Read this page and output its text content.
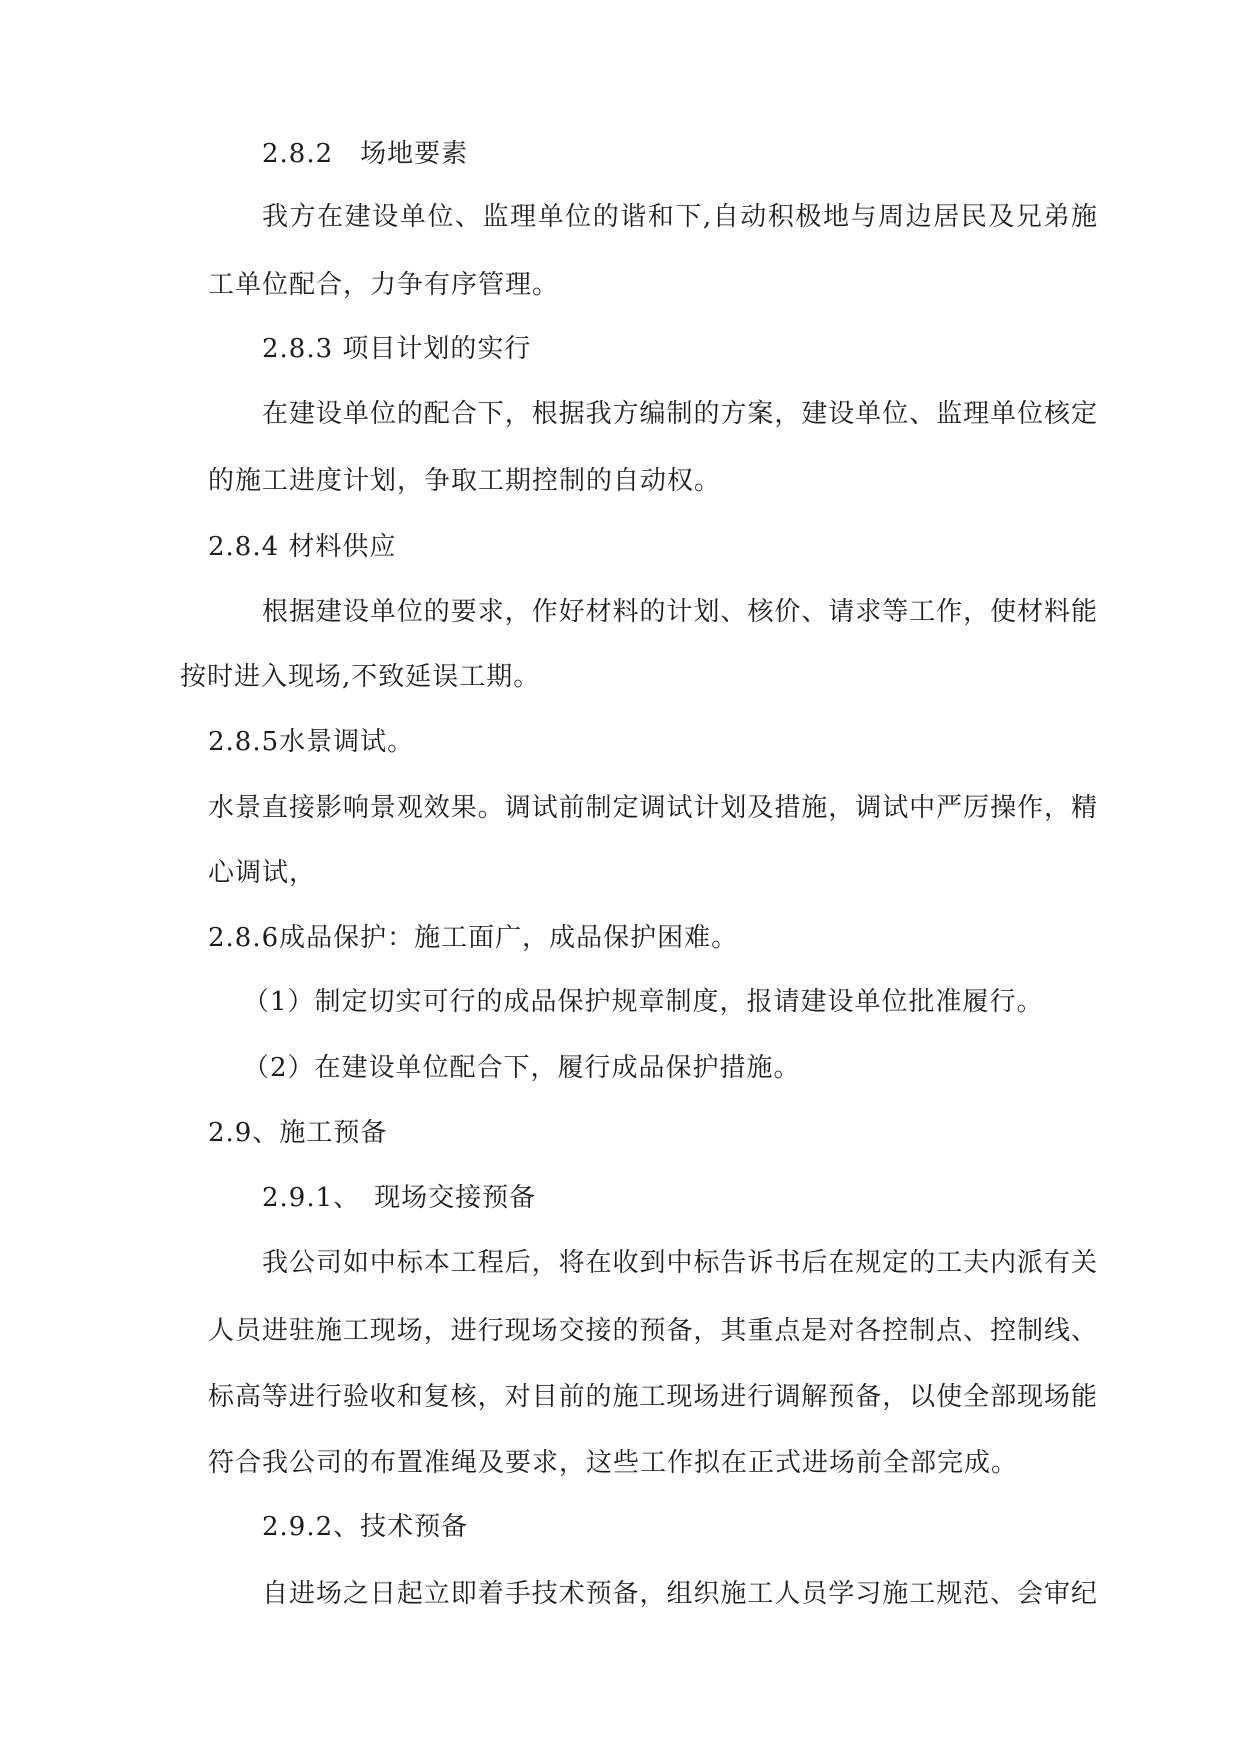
2.8.2　场地要素
我方在建设单位、监理单位的谐和下,自动积极地与周边居民及兄弟施
工单位配合，力争有序管理。
2.8.3 项目计划的实行
在建设单位的配合下，根据我方编制的方案，建设单位、监理单位核定
的施工进度计划，争取工期控制的自动权。
2.8.4 材料供应
根据建设单位的要求，作好材料的计划、核价、请求等工作，使材料能
按时进入现场,不致延误工期。
2.8.5水景调试。
水景直接影响景观效果。调试前制定调试计划及措施，调试中严厉操作，精
心调试，
2.8.6成品保护：施工面广，成品保护困难。
（1）制定切实可行的成品保护规章制度，报请建设单位批准履行。
（2）在建设单位配合下，履行成品保护措施。
2.9、施工预备
2.9.1、　现场交接预备
我公司如中标本工程后，将在收到中标告诉书后在规定的工夫内派有关
人员进驻施工现场，进行现场交接的预备，其重点是对各控制点、控制线、
标高等进行验收和复核，对目前的施工现场进行调解预备，以使全部现场能
符合我公司的布置准绳及要求，这些工作拟在正式进场前全部完成。
2.9.2、技术预备
自进场之日起立即着手技术预备，组织施工人员学习施工规范、会审纪
